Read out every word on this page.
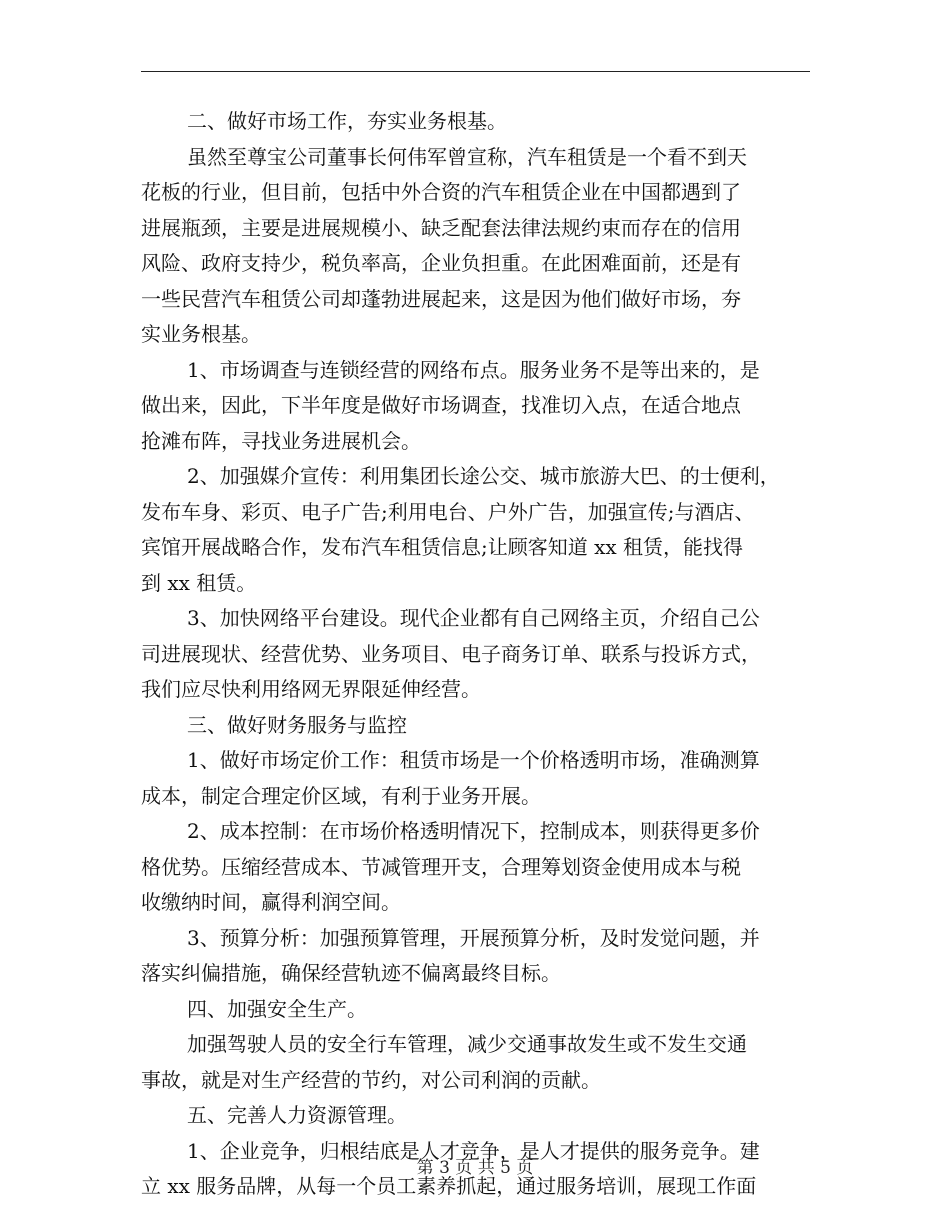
二、做好市场工作，夯实业务根基。
虽然至尊宝公司董事长何伟军曾宣称，汽车租赁是一个看不到天
花板的行业，但目前，包括中外合资的汽车租赁企业在中国都遇到了
进展瓶颈，主要是进展规模小、缺乏配套法律法规约束而存在的信用
风险、政府支持少，税负率高，企业负担重。在此困难面前，还是有
一些民营汽车租赁公司却蓬勃进展起来，这是因为他们做好市场，夯
实业务根基。
1、市场调查与连锁经营的网络布点。服务业务不是等出来的，是
做出来，因此，下半年度是做好市场调查，找准切入点，在适合地点
抢滩布阵，寻找业务进展机会。
2、加强媒介宣传：利用集团长途公交、城市旅游大巴、的士便利，
发布车身、彩页、电子广告;利用电台、户外广告，加强宣传;与酒店、
宾馆开展战略合作，发布汽车租赁信息;让顾客知道 xx 租赁，能找得
到 xx 租赁。
3、加快网络平台建设。现代企业都有自己网络主页，介绍自己公
司进展现状、经营优势、业务项目、电子商务订单、联系与投诉方式，
我们应尽快利用络网无界限延伸经营。
三、做好财务服务与监控
1、做好市场定价工作：租赁市场是一个价格透明市场，准确测算
成本，制定合理定价区域，有利于业务开展。
2、成本控制：在市场价格透明情况下，控制成本，则获得更多价
格优势。压缩经营成本、节减管理开支，合理筹划资金使用成本与税
收缴纳时间，赢得利润空间。
3、预算分析：加强预算管理，开展预算分析，及时发觉问题，并
落实纠偏措施，确保经营轨迹不偏离最终目标。
四、加强安全生产。
加强驾驶人员的安全行车管理，减少交通事故发生或不发生交通
事故，就是对生产经营的节约，对公司利润的贡献。
五、完善人力资源管理。
1、企业竞争，归根结底是人才竞争，是人才提供的服务竞争。建
立 xx 服务品牌，从每一个员工素养抓起，通过服务培训，展现工作面
第 3 页 共 5 页
